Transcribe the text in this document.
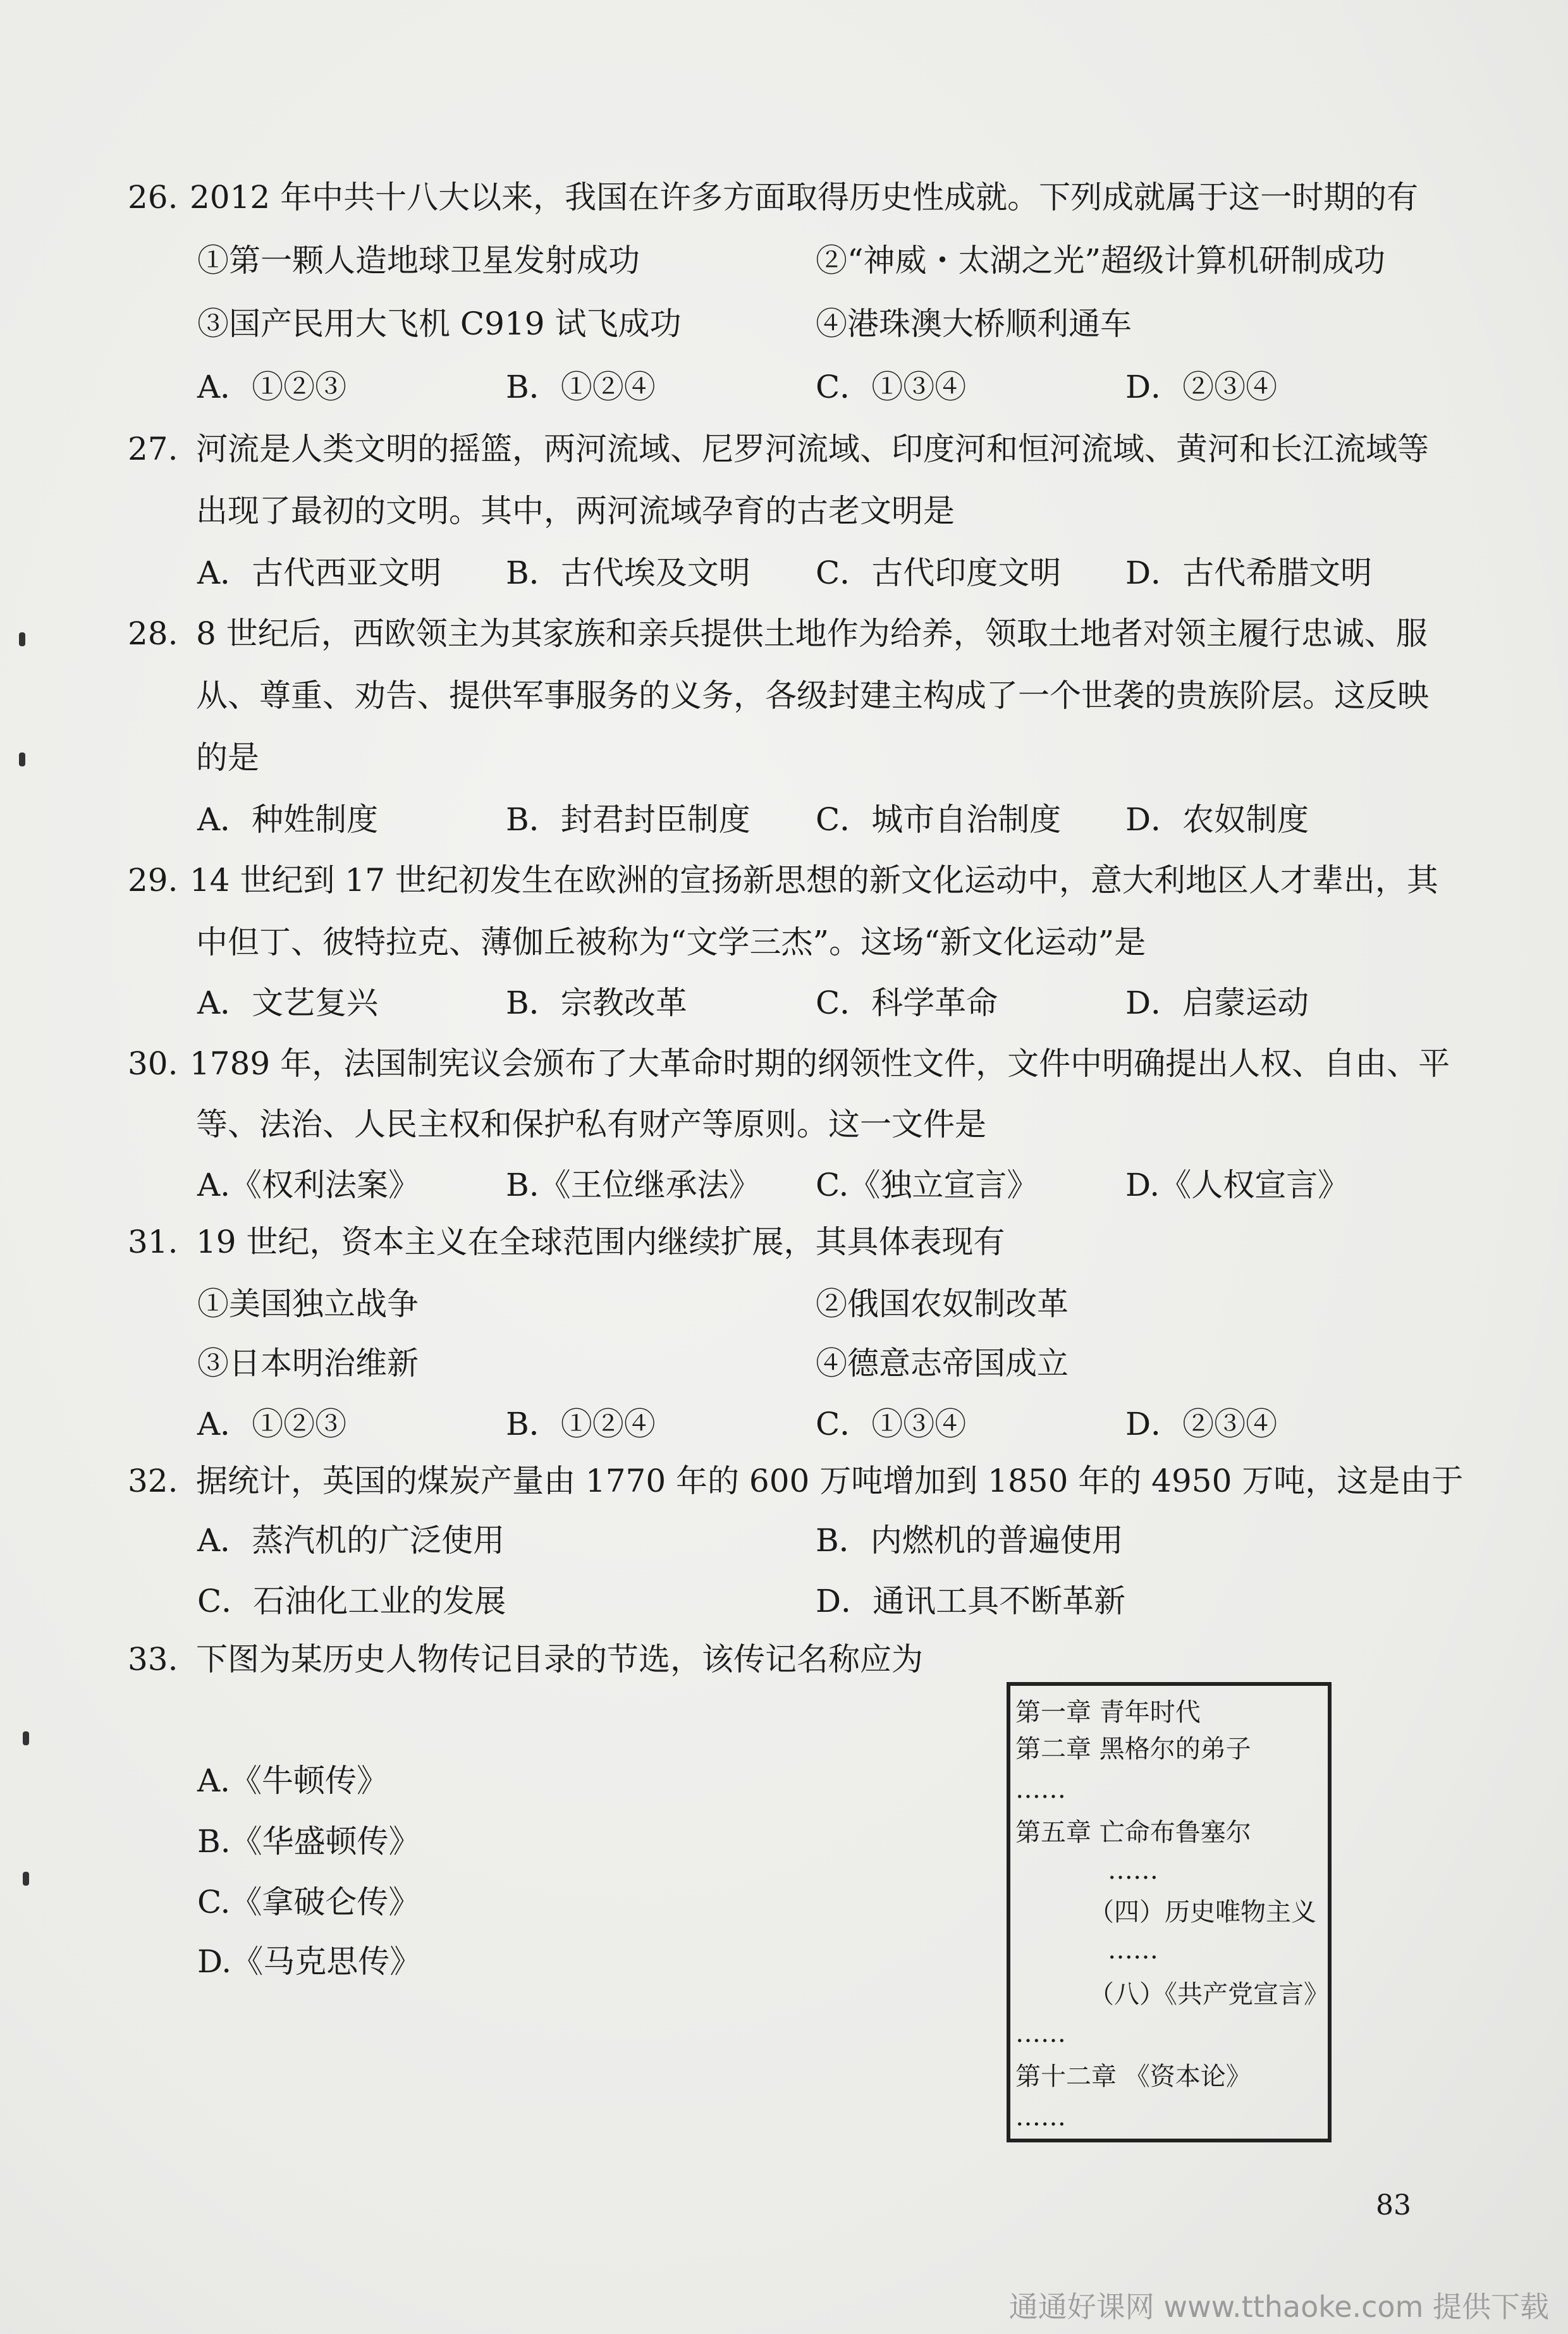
26. 2012 年中共十八大以来，我国在许多方面取得历史性成就。下列成就属于这一时期的有
①第一颗人造地球卫星发射成功	②“神威・太湖之光”超级计算机研制成功
③国产民用大飞机 C919 试飞成功	④港珠澳大桥顺利通车
A．①②③	B．①②④	C．①③④	D．②③④
27. 河流是人类文明的摇篮，两河流域、尼罗河流域、印度河和恒河流域、黄河和长江流域等
出现了最初的文明。其中，两河流域孕育的古老文明是
A．古代西亚文明 B．古代埃及文明 C．古代印度文明 D．古代希腊文明
28. 8 世纪后，西欧领主为其家族和亲兵提供土地作为给养，领取土地者对领主履行忠诚、服
从、尊重、劝告、提供军事服务的义务，各级封建主构成了一个世袭的贵族阶层。这反映
的是
A．种姓制度	B．封君封臣制度 C．城市自治制度 D．农奴制度
29. 14 世纪到 17 世纪初发生在欧洲的宣扬新思想的新文化运动中，意大利地区人才辈出，其
中但丁、彼特拉克、薄伽丘被称为“文学三杰”。这场“新文化运动”是
A．文艺复兴	B．宗教改革	C．科学革命	D．启蒙运动
30. 1789 年，法国制宪议会颁布了大革命时期的纲领性文件，文件中明确提出人权、自由、平
等、法治、人民主权和保护私有财产等原则。这一文件是
A.《权利法案》	B.《王位继承法》 C.《独立宣言》	D.《人权宣言》
31. 19 世纪，资本主义在全球范围内继续扩展，其具体表现有
①美国独立战争	②俄国农奴制改革
③日本明治维新	④德意志帝国成立
A．①②③	B．①②④	C．①③④	D．②③④
32. 据统计，英国的煤炭产量由 1770 年的 600 万吨增加到 1850 年的 4950 万吨，这是由于
A．蒸汽机的广泛使用	B．内燃机的普遍使用
C．石油化工业的发展	D．通讯工具不断革新
33. 下图为某历史人物传记目录的节选，该传记名称应为
A.《牛顿传》
B.《华盛顿传》
C.《拿破仑传》
D.《马克思传》
第一章 青年时代
第二章 黑格尔的弟子
……
第五章 亡命布鲁塞尔
……
（四）历史唯物主义
……
（八）《共产党宣言》
……
第十二章 《资本论》
……
83
通通好课网 www.tthaoke.com 提供下载
